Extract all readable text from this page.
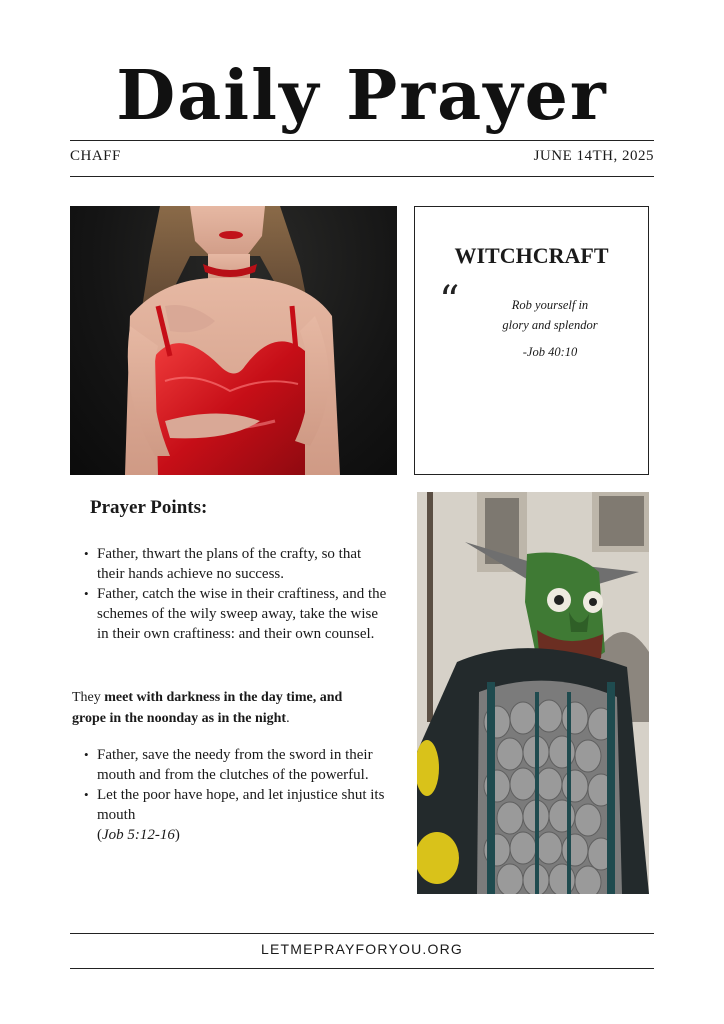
Daily Prayer
CHAFF	JUNE 14TH, 2025
WITCHCRAFT
“	Rob yourself in
glory and splendor
-Job 40:10
Prayer Points:
• Father, thwart the plans of the crafty, so that their hands achieve no success.
• Father, catch the wise in their craftiness, and the schemes of the wily sweep away, take the wise in their own craftiness: and their own counsel.
They meet with darkness in the day time, and grope in the noonday as in the night.
• Father, save the needy from the sword in their mouth and from the clutches of the powerful.
• Let the poor have hope, and let injustice shut its mouth
(Job 5:12-16)
LETMEPRAYFORYOU.ORG
